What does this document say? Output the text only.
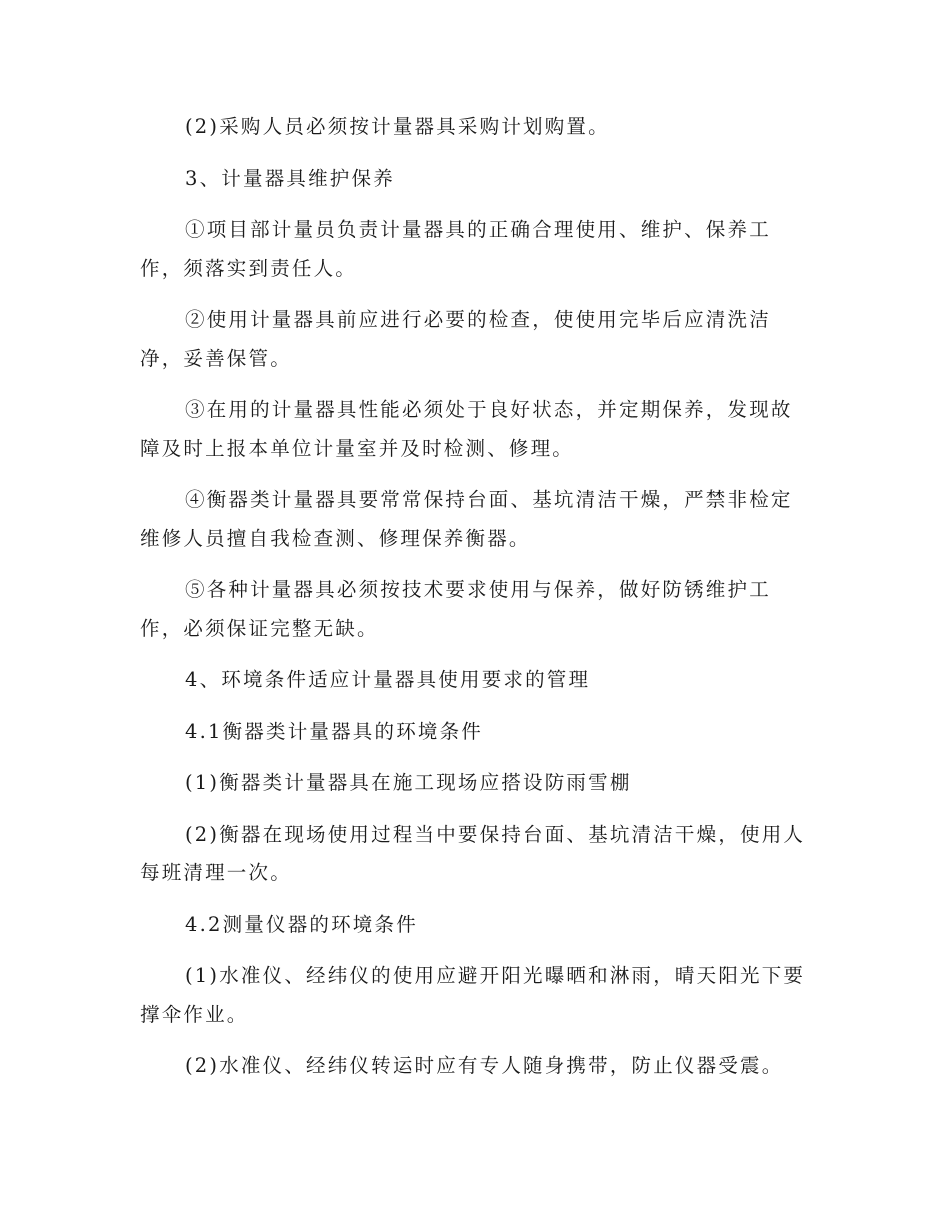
(2)采购人员必须按计量器具采购计划购置。

3、计量器具维护保养

①项目部计量员负责计量器具的正确合理使用、维护、保养工作，须落实到责任人。

②使用计量器具前应进行必要的检查，使使用完毕后应清洗洁净，妥善保管。

③在用的计量器具性能必须处于良好状态，并定期保养，发现故障及时上报本单位计量室并及时检测、修理。

④衡器类计量器具要常常保持台面、基坑清洁干燥，严禁非检定维修人员擅自我检查测、修理保养衡器。

⑤各种计量器具必须按技术要求使用与保养，做好防锈维护工作，必须保证完整无缺。

4、环境条件适应计量器具使用要求的管理

4.1衡器类计量器具的环境条件

(1)衡器类计量器具在施工现场应搭设防雨雪棚

(2)衡器在现场使用过程当中要保持台面、基坑清洁干燥，使用人每班清理一次。

4.2测量仪器的环境条件

(1)水准仪、经纬仪的使用应避开阳光曝晒和淋雨，晴天阳光下要撑伞作业。

(2)水准仪、经纬仪转运时应有专人随身携带，防止仪器受震。
